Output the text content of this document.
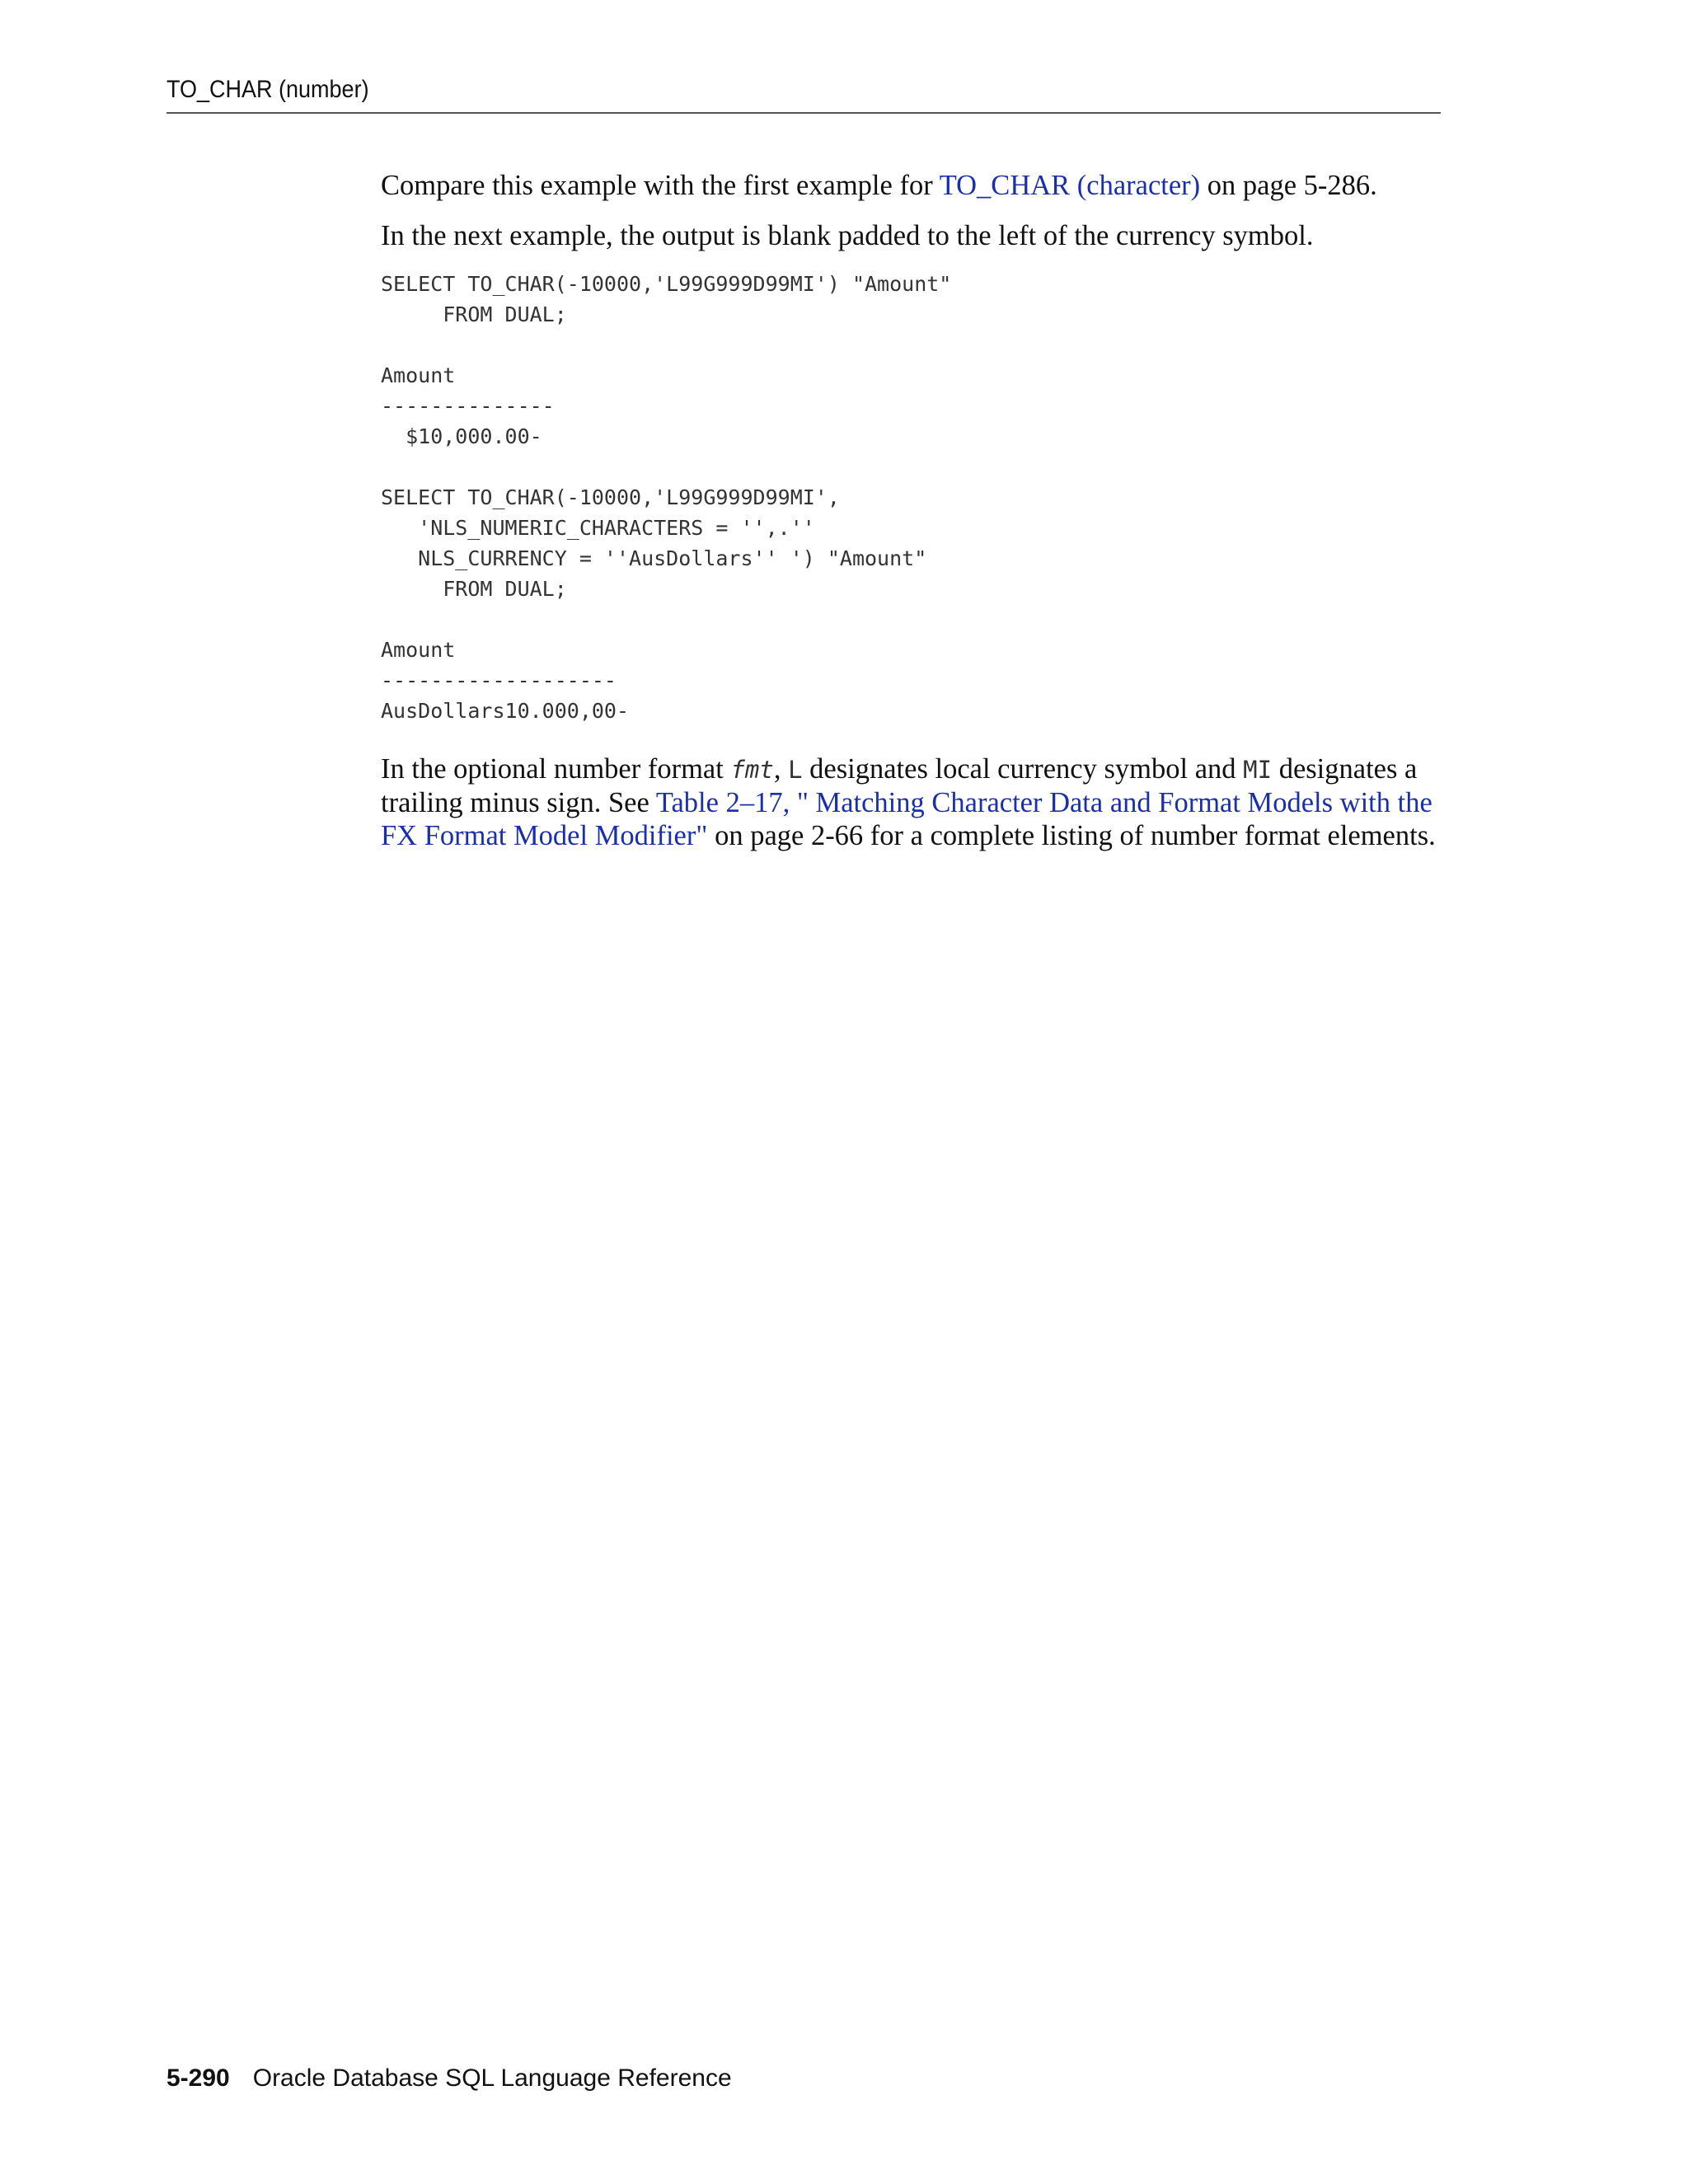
TO_CHAR (number)

Compare this example with the first example for TO_CHAR (character) on page 5-286.

In the next example, the output is blank padded to the left of the currency symbol.

SELECT TO_CHAR(-10000,'L99G999D99MI') "Amount"
FROM DUAL;

Amount
--------------
$10,000.00-

SELECT TO_CHAR(-10000,'L99G999D99MI',
'NLS_NUMERIC_CHARACTERS = '',.''
NLS_CURRENCY = ''AusDollars'' ') "Amount"
FROM DUAL;

Amount
-------------------
AusDollars10.000,00-

In the optional number format fmt, L designates local currency symbol and MI designates a trailing minus sign. See Table 2–17, " Matching Character Data and Format Models with the FX Format Model Modifier" on page 2-66 for a complete listing of number format elements.

5-290 Oracle Database SQL Language Reference
